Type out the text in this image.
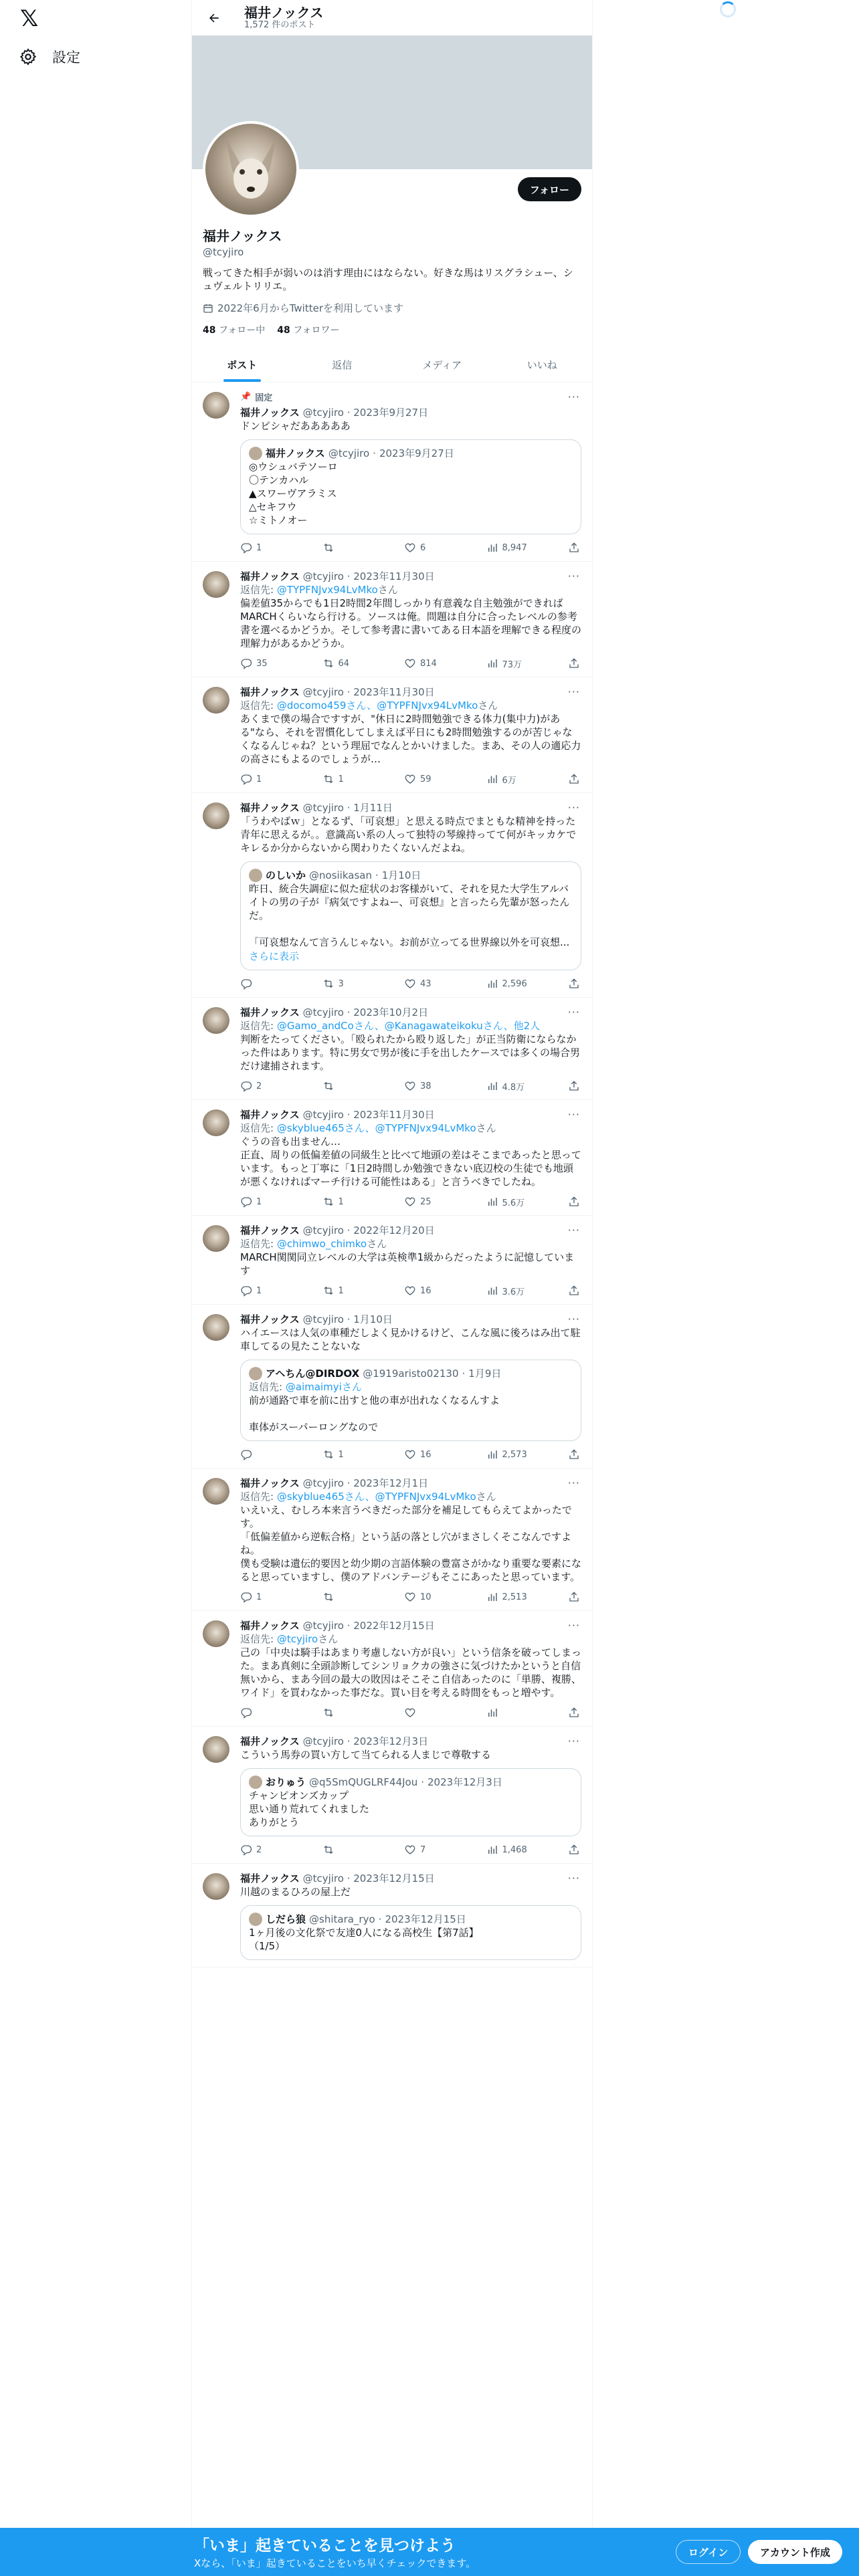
𝕏
設定
福井ノックス
1,572 件のポスト
フォロー
福井ノックス
@tcyjiro
戦ってきた相手が弱いのは消す理由にはならない。好きな馬はリスグラシュー、シュヴェルトリリエ。
2022年6月からTwitterを利用しています
48 フォロー中 48 フォロワー
ポスト	返信	メディア	いいね
📌 固定	···
福井ノックス @tcyjiro · 2023年9月27日
ドンピシャだあああああ
福井ノックス @tcyjiro · 2023年9月27日
◎ウシュバテソーロ
〇テンカハル
▲スワーヴアラミス
△セキフウ
☆ミトノオー
1	6	8,947
···
福井ノックス @tcyjiro · 2023年11月30日
返信先: @TYPFNJvx94LvMkoさん
偏差値35からでも1日2時間2年間しっかり有意義な自主勉強ができればMARCHくらいなら行ける。ソースは俺。問題は自分に合ったレベルの参考書を選べるかどうか。そして参考書に書いてある日本語を理解できる程度の理解力があるかどうか。
35	64	814	73万
···
福井ノックス @tcyjiro · 2023年11月30日
返信先: @docomo459さん、@TYPFNJvx94LvMkoさん
あくまで僕の場合ですすが、"休日に2時間勉強できる体力(集中力)がある"なら、それを習慣化してしまえば平日にも2時間勉強するのが苦じゃなくなるんじゃね？という理屈でなんとかいけました。まあ、その人の適応力の高さにもよるのでしょうが…
1	1	59	6万
···
福井ノックス @tcyjiro · 1月11日
「うわやばｗ」となるず、「可哀想」と思える時点でまともな精神を持った青年に思えるが。。意識高い系の人って独特の琴線持ってて何がキッカケでキレるか分からないから関わりたくないんだよね。
のしいか @nosiikasan · 1月10日
昨日、統合失調症に似た症状のお客様がいて、それを見た大学生アルバイトの男の子が『病気ですよねー、可哀想』と言ったら先輩が怒ったんだ。

「可哀想なんて言うんじゃない。お前が立ってる世界線以外を可哀想...
さらに表示
3	43	2,596
···
福井ノックス @tcyjiro · 2023年10月2日
返信先: @Gamo_andCoさん、@Kanagawateikokuさん、他2人
判断をたってください。「殴られたから殴り返した」が正当防衛にならなかった件はあります。特に男女で男が後に手を出したケースでは多くの場合男だけ逮捕されます。
2	38	4.8万
···
福井ノックス @tcyjiro · 2023年11月30日
返信先: @skyblue465さん、@TYPFNJvx94LvMkoさん
ぐうの音も出ません…
正直、周りの低偏差値の同級生と比べて地頭の差はそこまであったと思っています。もっと丁寧に「1日2時間しか勉強できない底辺校の生徒でも地頭が悪くなければマーチ行ける可能性はある」と言うべきでしたね。
1	1	25	5.6万
···
福井ノックス @tcyjiro · 2022年12月20日
返信先: @chimwo_chimkoさん
MARCH関関同立レベルの大学は英検準1級からだったように記憶しています
1	1	16	3.6万
···
福井ノックス @tcyjiro · 1月10日
ハイエースは人気の車種だしよく見かけるけど、こんな風に後ろはみ出て駐車してるの見たことないな
アヘちん@DIRDOX @1919aristo02130 · 1月9日
返信先: @aimaimyiさん
前が通路で車を前に出すと他の車が出れなくなるんすよ

車体がスーパーロングなので
1	16	2,573
···
福井ノックス @tcyjiro · 2023年12月1日
返信先: @skyblue465さん、@TYPFNJvx94LvMkoさん
いえいえ、むしろ本来言うべきだった部分を補足してもらえてよかったです。
「低偏差値から逆転合格」という話の落とし穴がまさしくそこなんですよね。
僕も受験は遺伝的要因と幼少期の言語体験の豊富さがかなり重要な要素になると思っていますし、僕のアドバンテージもそこにあったと思っています。
1	10	2,513
···
福井ノックス @tcyjiro · 2022年12月15日
返信先: @tcyjiroさん
己の「中央は騎手はあまり考慮しない方が良い」という信条を破ってしまった。まあ真剣に全頭診断してシンリョクカの強さに気づけたかというと自信無いから、まあ今回の最大の敗因はそこそこ自信あったのに「単勝、複勝、ワイド」を買わなかった事だな。買い目を考える時間をもっと増やす。
···
福井ノックス @tcyjiro · 2023年12月3日
こういう馬券の買い方して当てられる人まじで尊敬する
おりゅう @q5SmQUGLRF44Jou · 2023年12月3日
チャンピオンズカップ
思い通り荒れてくれました
ありがとう
2	7	1,468
···
福井ノックス @tcyjiro · 2023年12月15日
川越のまるひろの屋上だ
しだら狼 @shitara_ryo · 2023年12月15日
1ヶ月後の文化祭で友達0人になる高校生【第7話】
（1/5）
「いま」起きていることを見つけよう
Xなら、「いま」起きていることをいち早くチェックできます。
ログイン	アカウント作成
